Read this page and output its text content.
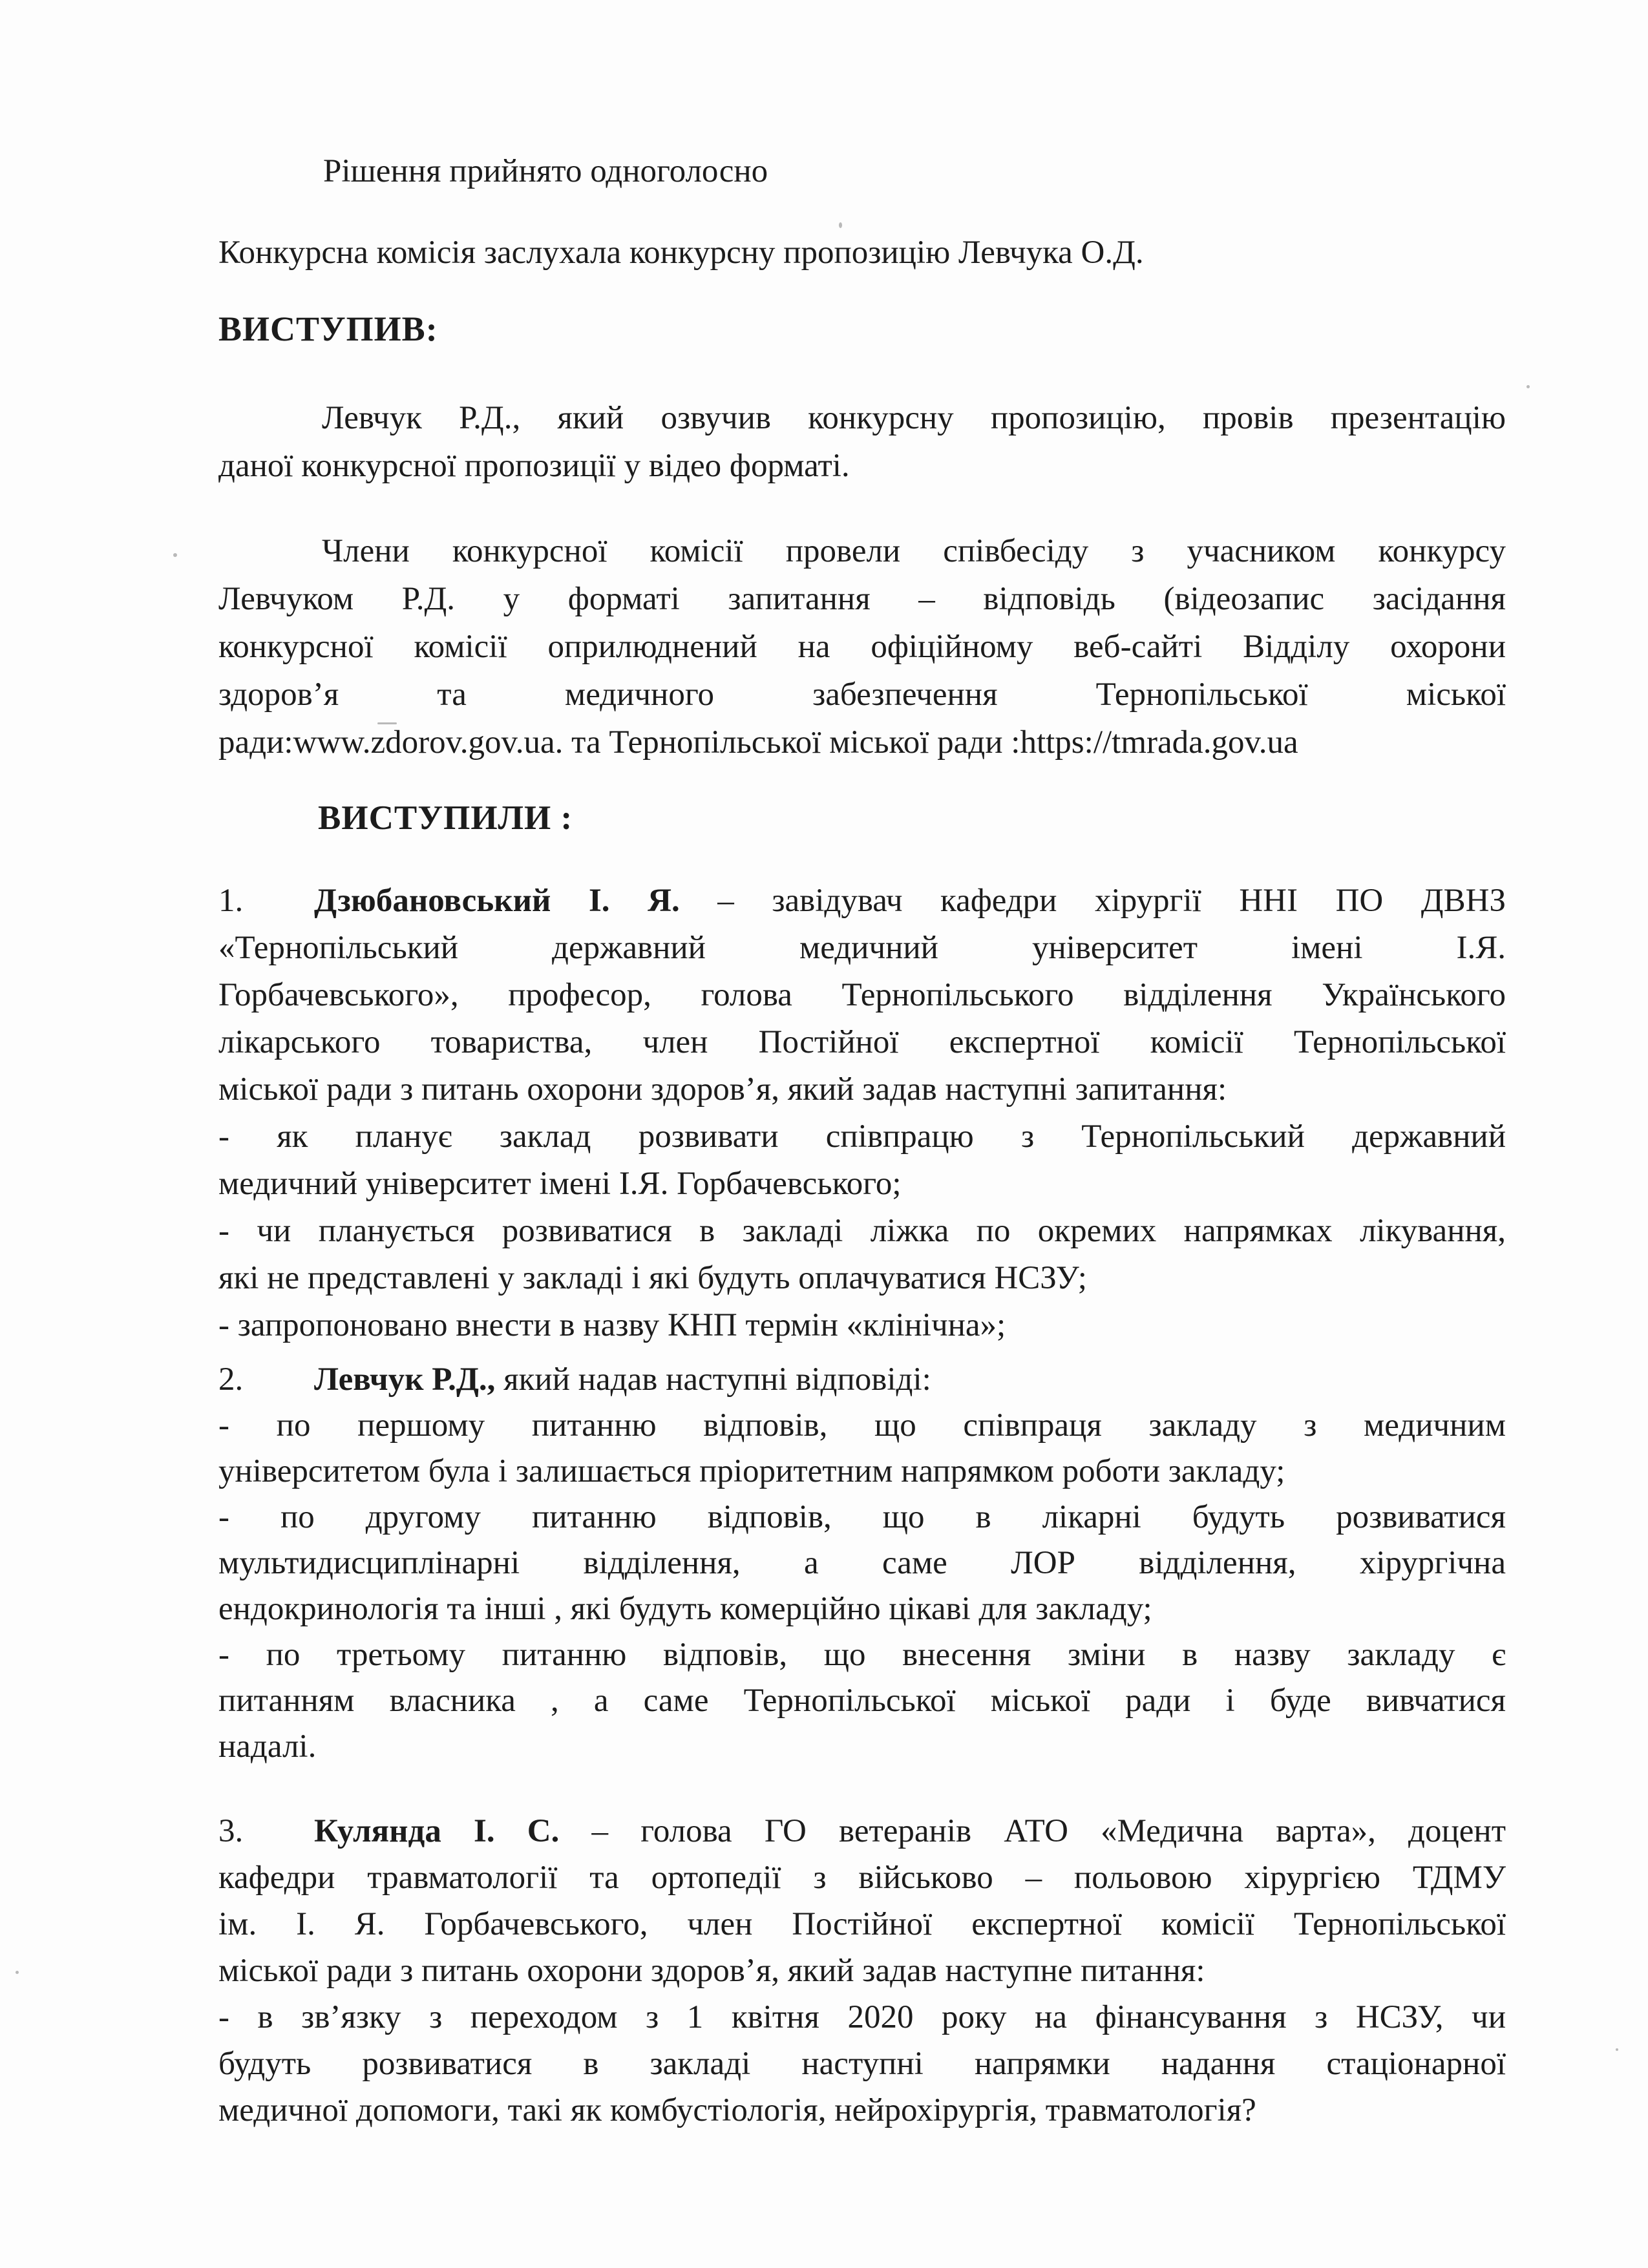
Рішення прийнято одноголосно

Конкурсна комісія заслухала конкурсну пропозицію Левчука О.Д.

ВИСТУПИВ:

Левчук Р.Д., який озвучив конкурсну пропозицію, провів презентацію

даної конкурсної пропозиції у відео форматі.

Члени конкурсної комісії провели співбесіду з учасником конкурсу

Левчуком Р.Д. у форматі запитання – відповідь (відеозапис засідання

конкурсної комісії оприлюднений на офіційному веб-сайті Відділу охорони

здоров’я та медичного забезпечення Тернопільської міської

ради:www.zdorov.gov.ua. та Тернопільської міської ради :https://tmrada.gov.ua

ВИСТУПИЛИ :

1. Дзюбановський І. Я. – завідувач кафедри хірургії ННІ ПО ДВНЗ

«Тернопільський державний медичний університет імені І.Я.

Горбачевського», професор, голова Тернопільського відділення Українського

лікарського товариства, член Постійної експертної комісії Тернопільської

міської ради з питань охорони здоров’я, який задав наступні запитання:

- як планує заклад розвивати співпрацю з Тернопільський державний

медичний університет імені І.Я. Горбачевського;

- чи планується розвиватися в закладі ліжка по окремих напрямках лікування,

які не представлені у закладі і які будуть оплачуватися НСЗУ;

- запропоновано внести в назву КНП термін «клінічна»;

2. Левчук Р.Д., який надав наступні відповіді:

- по першому питанню відповів, що співпраця закладу з медичним

університетом була і залишається пріоритетним напрямком роботи закладу;

- по другому питанню відповів, що в лікарні будуть розвиватися

мультидисциплінарні відділення, а саме ЛОР відділення, хірургічна

ендокринологія та інші , які будуть комерційно цікаві для закладу;

- по третьому питанню відповів, що внесення зміни в назву закладу є

питанням власника , а саме Тернопільської міської ради і буде вивчатися

надалі.

3. Кулянда І. С. – голова ГО ветеранів АТО «Медична варта», доцент

кафедри травматології та ортопедії з військово – польовою хірургією ТДМУ

ім. І. Я. Горбачевського, член Постійної експертної комісії Тернопільської

міської ради з питань охорони здоров’я, який задав наступне питання:

- в зв’язку з переходом з 1 квітня 2020 року на фінансування з НСЗУ, чи

будуть розвиватися в закладі наступні напрямки надання стаціонарної

медичної допомоги, такі як комбустіологія, нейрохірургія, травматологія?
